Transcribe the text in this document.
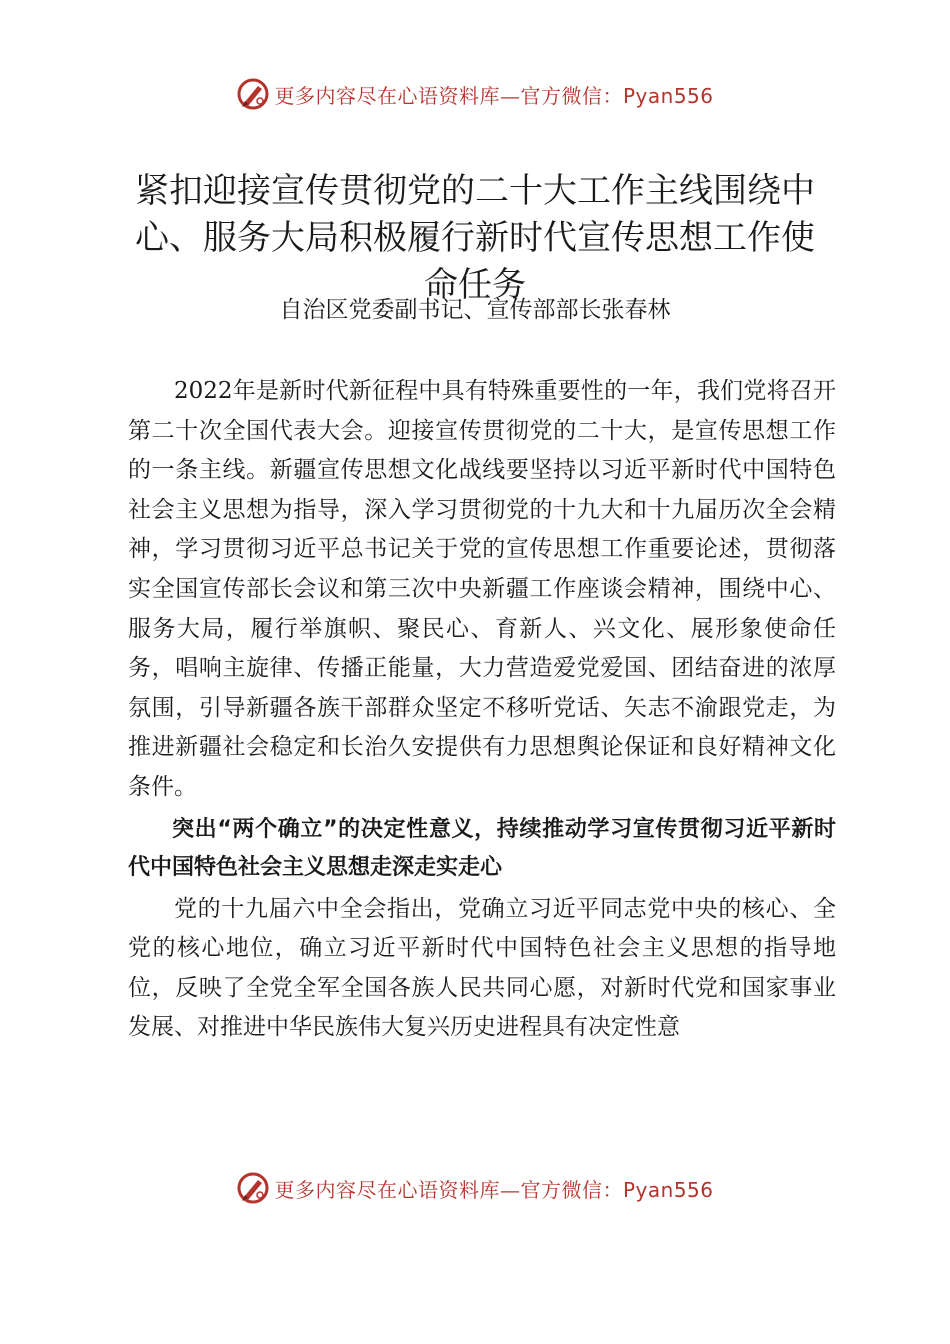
更多内容尽在心语资料库—官方微信：Pyan556
紧扣迎接宣传贯彻党的二十大工作主线围绕中心、服务大局积极履行新时代宣传思想工作使命任务
自治区党委副书记、宣传部部长张春林

2022年是新时代新征程中具有特殊重要性的一年，我们党将召开第二十次全国代表大会。迎接宣传贯彻党的二十大，是宣传思想工作的一条主线。新疆宣传思想文化战线要坚持以习近平新时代中国特色社会主义思想为指导，深入学习贯彻党的十九大和十九届历次全会精神，学习贯彻习近平总书记关于党的宣传思想工作重要论述，贯彻落实全国宣传部长会议和第三次中央新疆工作座谈会精神，围绕中心、服务大局，履行举旗帜、聚民心、育新人、兴文化、展形象使命任务，唱响主旋律、传播正能量，大力营造爱党爱国、团结奋进的浓厚氛围，引导新疆各族干部群众坚定不移听党话、矢志不渝跟党走，为推进新疆社会稳定和长治久安提供有力思想舆论保证和良好精神文化条件。

突出“两个确立”的决定性意义，持续推动学习宣传贯彻习近平新时代中国特色社会主义思想走深走实走心

党的十九届六中全会指出，党确立习近平同志党中央的核心、全党的核心地位，确立习近平新时代中国特色社会主义思想的指导地位，反映了全党全军全国各族人民共同心愿，对新时代党和国家事业发展、对推进中华民族伟大复兴历史进程具有决定性意

更多内容尽在心语资料库—官方微信：Pyan556
